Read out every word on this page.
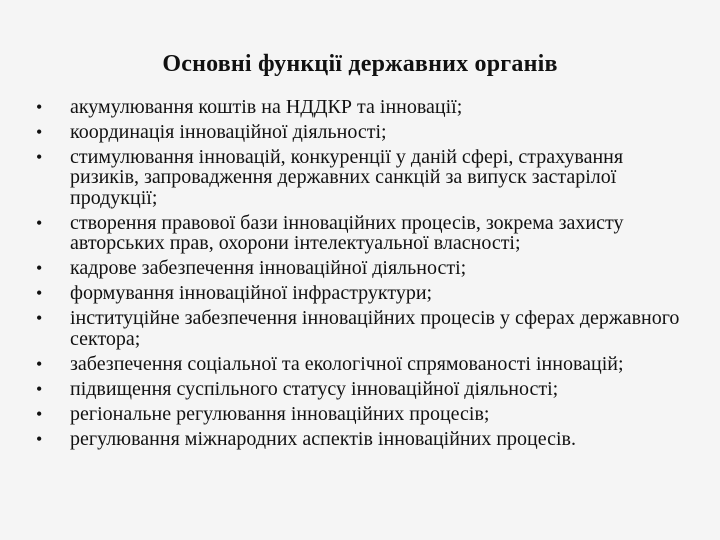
Основні функції державних органів
•	акумулювання коштів на НДДКР та інновації;
•	координація інноваційної діяльності;
•	стимулювання інновацій, конкуренції у даній сфері, страхування ризиків, запровадження державних санкцій за випуск застарілої продукції;
•	створення правової бази інноваційних процесів, зокрема захисту авторських прав, охорони інтелектуальної власності;
•	кадрове забезпечення інноваційної діяльності;
•	формування інноваційної інфраструктури;
•	інституційне забезпечення інноваційних процесів у сферах державного сектора;
•	забезпечення соціальної та екологічної спрямованості інновацій;
•	підвищення суспільного статусу інноваційної діяльності;
•	регіональне регулювання інноваційних процесів;
•	регулювання міжнародних аспектів інноваційних процесів.
